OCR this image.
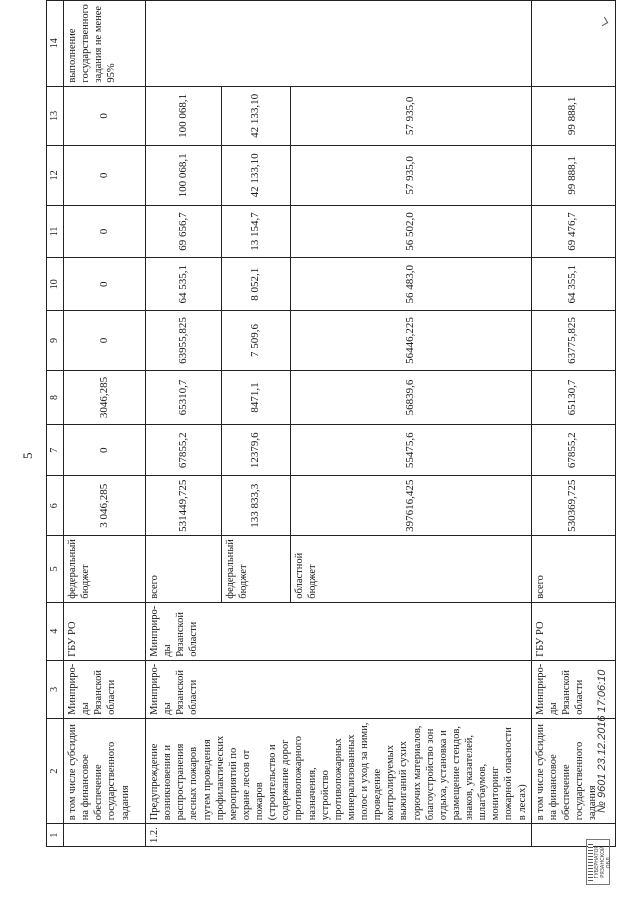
5
1	2	3	4	5	6	7	8	9	10	11	12	13	14
	в том числе субсидии на финансовое обеспечение государственного задания	Минприро-ды Рязанской области	ГБУ РО	федеральный бюджет	3 046,285	0	3046,285	0	0	0	0	0	выполнение государственного задания не менее 95%
1.2.	Предупреждение возникновения и распространения лесных пожаров путем проведения профилактических мероприятий по охране лесов от пожаров (строительство и содержание дорог противопожарного назначения, устройство противопожарных минерализованных полос и уход за ними, проведение контролируемых выжиганий сухих горючих материалов, благоустройство зон отдыха, установка и размещение стендов, знаков, указателей, шлагбаумов, мониторинг пожарной опасности в лесах)	Минприро-ды Рязанской области	Минприро-ды Рязанской области	всего	531449,725	67855,2	65310,7	63955,825	64 535,1	69 656,7	100 068,1	100 068,1	
				федеральный бюджет	133 833,3	12379,6	8471,1	7 509,6	8 052,1	13 154,7	42 133,10	42 133,10	
				областной бюджет	397616,425	55475,6	56839,6	56446,225	56 483,0	56 502,0	57 935,0	57 935,0	
	в том числе субсидии на финансовое обеспечение государственного задания	Минприро-ды Рязанской области	ГБУ РО	всего	530369,725	67855,2	65130,7	63775,825	64 355,1	69 476,7	99 888,1	99 888,1	
ГУБЕРНАТОР РЯЗАНСКОЙ ОБЛ.
№ 9601 23.12.2016 17:06:10
